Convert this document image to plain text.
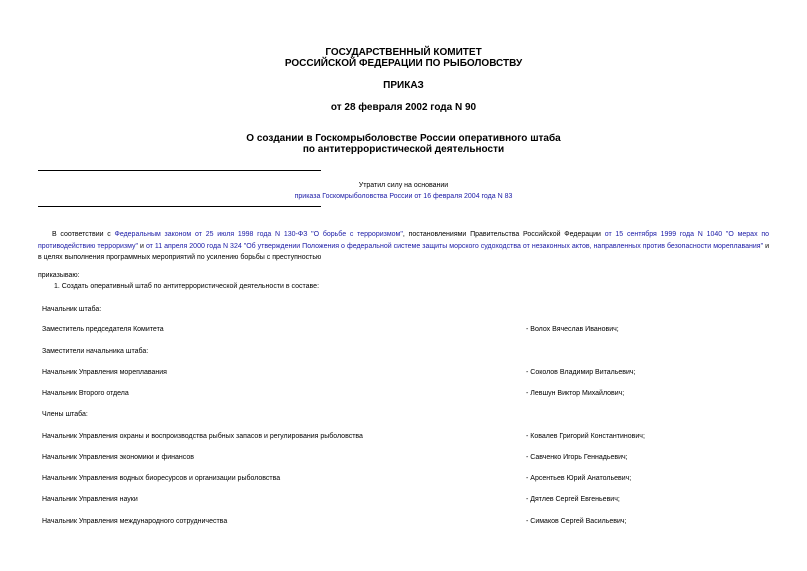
ГОСУДАРСТВЕННЫЙ КОМИТЕТ
РОССИЙСКОЙ ФЕДЕРАЦИИ ПО РЫБОЛОВСТВУ
ПРИКАЗ
от 28 февраля 2002 года N 90
О создании в Госкомрыболовстве России оперативного штаба
по антитеррористической деятельности
Утратил силу на основании
приказа Госкомрыболовства России от 16 февраля 2004 года N 83
В соответствии с Федеральным законом от 25 июля 1998 года N 130-ФЗ "О борьбе с терроризмом", постановлениями Правительства Российской Федерации от 15 сентября 1999 года N 1040 "О мерах по противодействию терроризму" и от 11 апреля 2000 года N 324 "Об утверждении Положения о федеральной системе защиты морского судоходства от незаконных актов, направленных против безопасности мореплавания" и в целях выполнения программных мероприятий по усилению борьбы с преступностью
приказываю:
1. Создать оперативный штаб по антитеррористической деятельности в составе:
Начальник штаба:
Заместитель председателя Комитета	- Волох Вячеслав Иванович;
Заместители начальника штаба:
Начальник Управления мореплавания	- Соколов Владимир Витальевич;
Начальник Второго отдела	- Левшун Виктор Михайлович;
Члены штаба:
Начальник Управления охраны и воспроизводства рыбных запасов и регулирования рыболовства	- Ковалев Григорий Константинович;
Начальник Управления экономики и финансов	- Савченко Игорь Геннадьевич;
Начальник Управления водных биоресурсов и организации рыболовства	- Арсентьев Юрий Анатольевич;
Начальник Управления науки	- Дятлев Сергей Евгеньевич;
Начальник Управления международного сотрудничества	- Симаков Сергей Васильевич;
